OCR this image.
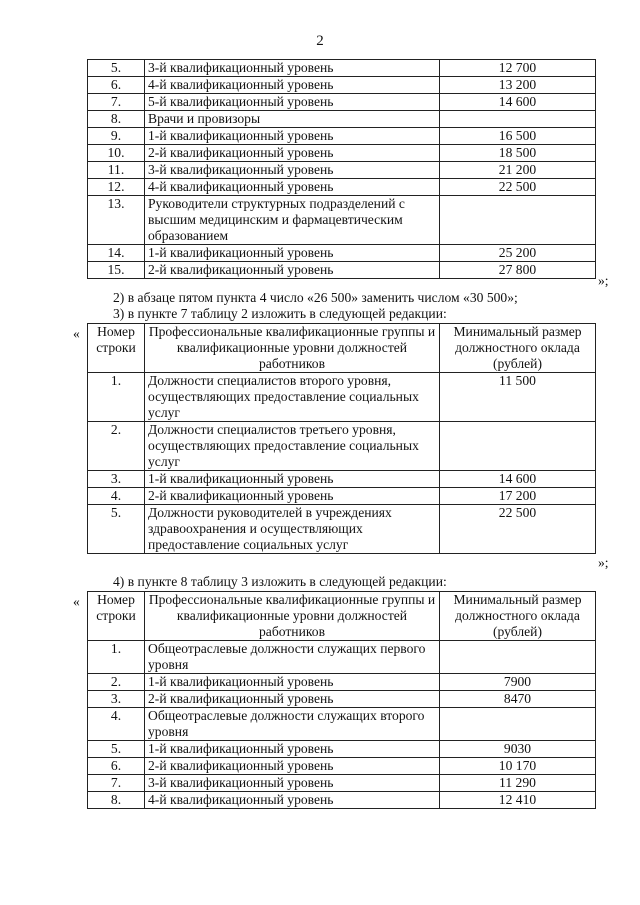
2
5.	3-й квалификационный уровень	12 700
6.	4-й квалификационный уровень	13 200
7.	5-й квалификационный уровень	14 600
8.	Врачи и провизоры	
9.	1-й квалификационный уровень	16 500
10.	2-й квалификационный уровень	18 500
11.	3-й квалификационный уровень	21 200
12.	4-й квалификационный уровень	22 500
13.	Руководители структурных подразделений с высшим медицинским и фармацевтическим образованием	
14.	1-й квалификационный уровень	25 200
15.	2-й квалификационный уровень	27 800
»;
2) в абзаце пятом пункта 4 число «26 500» заменить числом «30 500»;
3) в пункте 7 таблицу 2 изложить в следующей редакции:
« Номер строки	Профессиональные квалификационные группы и квалификационные уровни должностей работников	Минимальный размер должностного оклада (рублей)
1.	Должности специалистов второго уровня, осуществляющих предоставление социальных услуг	11 500
2.	Должности специалистов третьего уровня, осуществляющих предоставление социальных услуг	
3.	1-й квалификационный уровень	14 600
4.	2-й квалификационный уровень	17 200
5.	Должности руководителей в учреждениях здравоохранения и осуществляющих предоставление социальных услуг	22 500
»;
4) в пункте 8 таблицу 3 изложить в следующей редакции:
« Номер строки	Профессиональные квалификационные группы и квалификационные уровни должностей работников	Минимальный размер должностного оклада (рублей)
1.	Общеотраслевые должности служащих первого уровня	
2.	1-й квалификационный уровень	7900
3.	2-й квалификационный уровень	8470
4.	Общеотраслевые должности служащих второго уровня	
5.	1-й квалификационный уровень	9030
6.	2-й квалификационный уровень	10 170
7.	3-й квалификационный уровень	11 290
8.	4-й квалификационный уровень	12 410
